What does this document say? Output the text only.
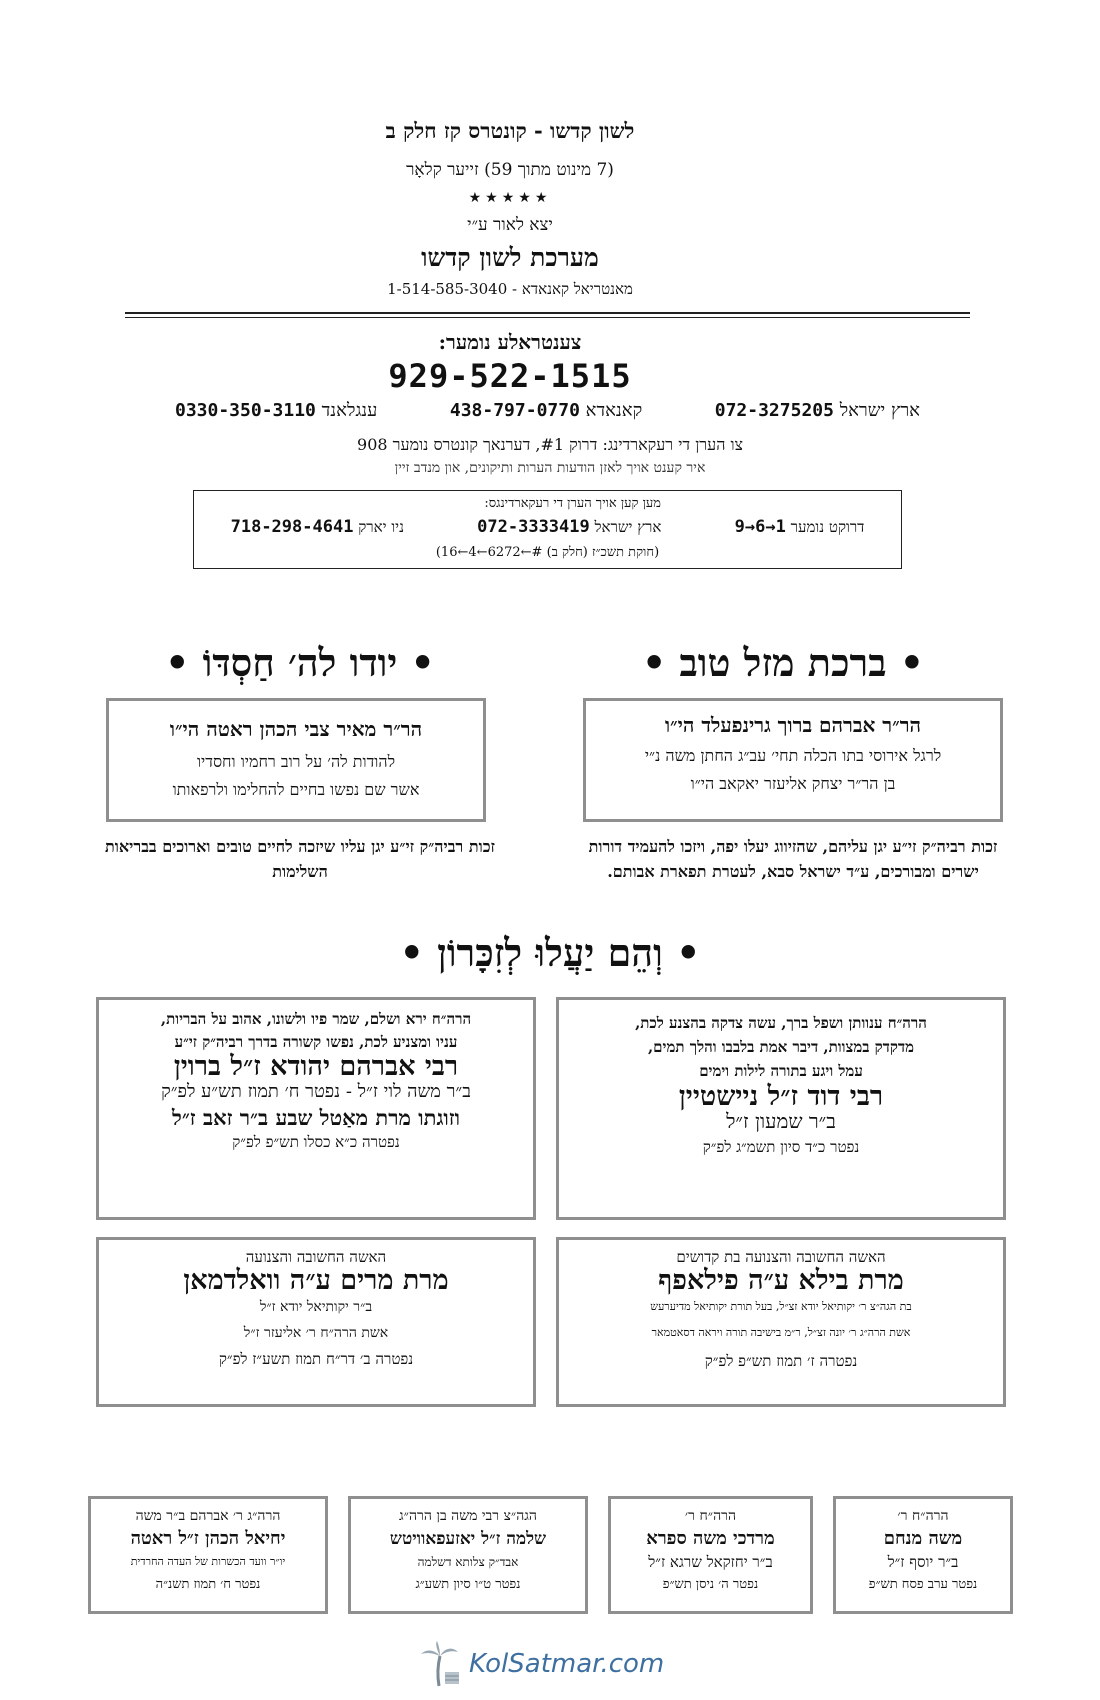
לשון קדשו - קונטרס קז חלק ב
(7 מינוט מתוך 59) זייער קלאָר
★★★★★
יצא לאור ע״י
מערכת לשון קדשו
מאנטריאל קאנאדא - 1-514-585-3040
צענטראלע נומער:
929-522-1515
ארץ ישראל 072-3275205
קאנאדא 438-797-0770
ענגלאנד 0330-350-3110
צו הערן די רעקארדינג: דרוק #1, דערנאך קונטרס נומער 908
איר קענט אויך לאזן הודעות הערות ותיקונים, און מנדב זיין
מען קען אויך הערן די רעקארדינגס:
ניו יארק 718-298-4641	ארץ ישראל 072-3333419	דרוקט נומער 1→6→9
(חוקת תשכ״ז (חלק ב) #←6272←4←16)
• ברכת מזל טוב •
• יודו לה׳ חַסְדּוֹ •
הר״ר אברהם ברוך גרינפעלד הי״ו
לרגל אירוסי בתו הכלה תחי׳ עב״ג החתן משה נ״י
בן הר״ר יצחק אליעזר יאקאב הי״ו
הר״ר מאיר צבי הכהן ראטה הי״ו
להודות לה׳ על רוב רחמיו וחסדיו
אשר שם נפשו בחיים להחלימו ולרפאותו
זכות רביה״ק זי״ע יגן עליהם, שהזיווג יעלו יפה, ויזכו להעמיד דורות ישרים ומבורכים, ע״ד ישראל סבא, לעטרת תפארת אבותם.
זכות רביה״ק זי״ע יגן עליו שיזכה לחיים טובים וארוכים בבריאות השלימות
• וְהֵם יַעֲלוּ לְזִכָּרוֹן •
הרה״ח ענוותן ושפל ברך, עשה צדקה בהצנע לכת,
מדקדק במצוות, דיבר אמת בלבבו והלך תמים,
עמל ויגע בתורה לילות וימים
רבי דוד ז״ל ניישטיין
ב״ר שמעון ז״ל
נפטר כ״ד סיון תשמ״ג לפ״ק
הרה״ח ירא ושלם, שמר פיו ולשונו, אהוב על הבריות,
עניו ומצניע לכת, נפשו קשורה בדרך רביה״ק זי״ע
רבי אברהם יהודא ז״ל ברוין
ב״ר משה לוי ז״ל - נפטר ח׳ תמוז תש״ע לפ״ק
וזוגתו מרת מאַטל שבע ב״ר זאב ז״ל
נפטרה כ״א כסלו תש״פ לפ״ק
האשה החשובה והצנועה בת קדושים
מרת בילא ע״ה פילאפף
בת הגה״צ ר׳ יקותיאל יודא זצ״ל, בעל תורת יקותיאל מדיערעש
אשת הרה״ג ר׳ יונה זצ״ל, ר״מ בישיבה תורה ויראה דסאטמאר
נפטרה ז׳ תמוז תש״פ לפ״ק
האשה החשובה והצנועה
מרת מרים ע״ה וואלדמאן
ב״ר יקותיאל יודא ז״ל
אשת הרה״ח ר׳ אליעזר ז״ל
נפטרה ב׳ דר״ח תמוז תשע״ז לפ״ק
הרה״ח ר׳
משה מנחם
ב״ר יוסף ז״ל
נפטר ערב פסח תש״פ
הרה״ח ר׳
מרדכי משה ספרא
ב״ר יחזקאל שרגא ז״ל
נפטר ה׳ ניסן תש״פ
הגה״צ רבי משה בן הרה״ג
שלמה ז״ל יאזעפאוויטש
אבד״ק צלותא דשלמה
נפטר ט״ו סיון תשע״ג
הרה״ג ר׳ אברהם ב״ר משה
יחיאל הכהן ז״ל ראטה
יו״ר וועד הכשרות של העדה החרדית
נפטר ח׳ תמוז תשנ״ה
KolSatmar.com
